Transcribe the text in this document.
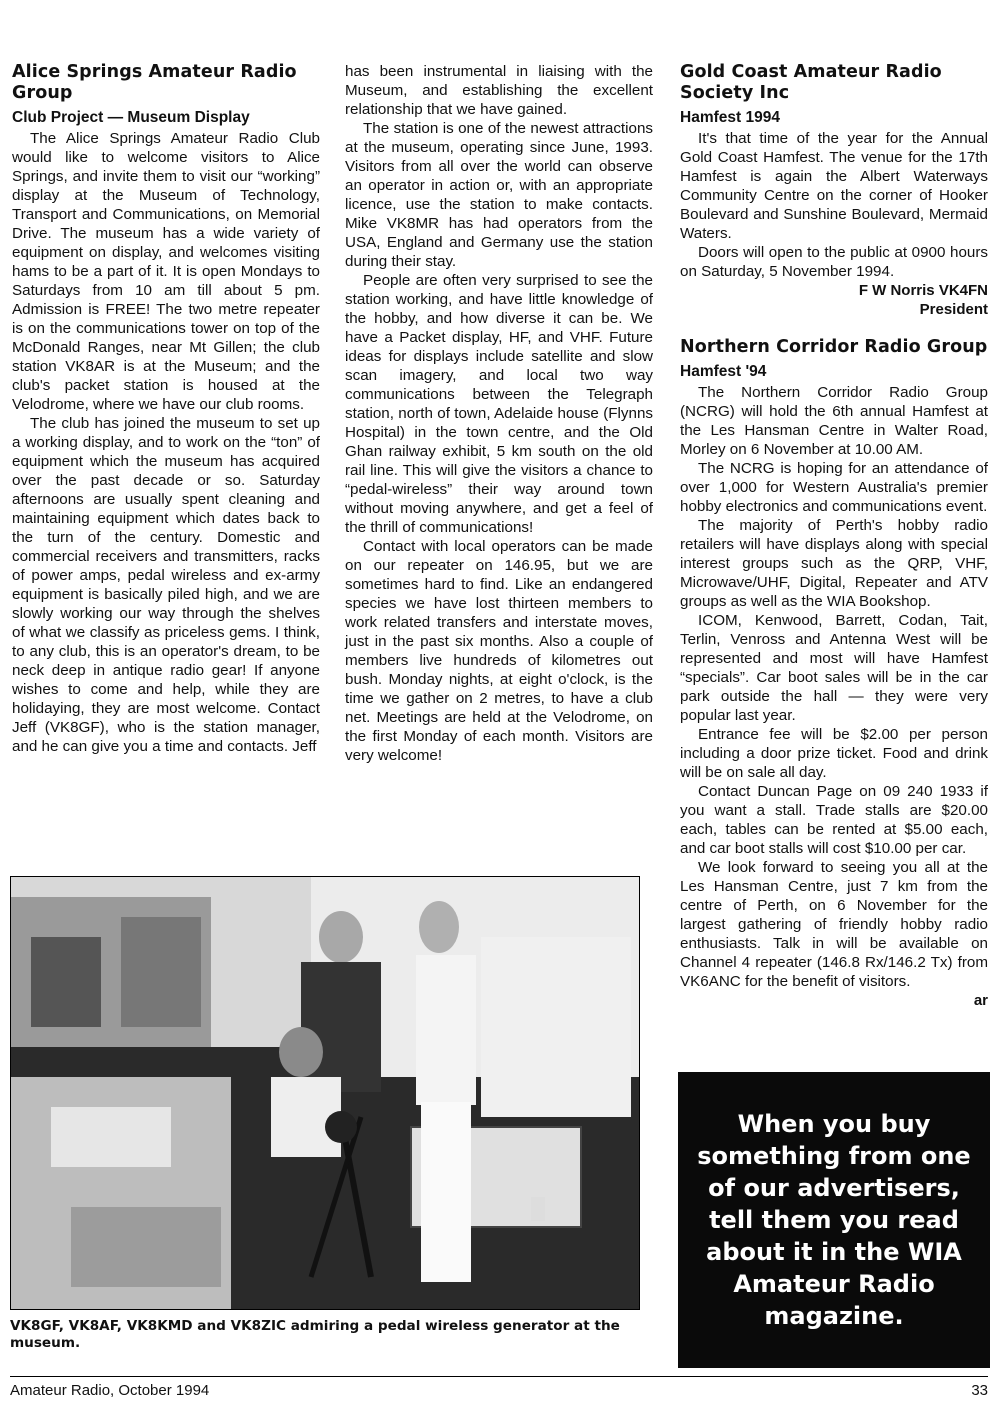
Alice Springs Amateur Radio Group
Club Project — Museum Display

The Alice Springs Amateur Radio Club would like to welcome visitors to Alice Springs, and invite them to visit our “working” display at the Museum of Technology, Transport and Communications, on Memorial Drive. The museum has a wide variety of equipment on display, and welcomes visiting hams to be a part of it. It is open Mondays to Saturdays from 10 am till about 5 pm. Admission is FREE! The two metre repeater is on the communications tower on top of the McDonald Ranges, near Mt Gillen; the club station VK8AR is at the Museum; and the club's packet station is housed at the Velodrome, where we have our club rooms.

The club has joined the museum to set up a working display, and to work on the “ton” of equipment which the museum has acquired over the past decade or so. Saturday afternoons are usually spent cleaning and maintaining equipment which dates back to the turn of the century. Domestic and commercial receivers and transmitters, racks of power amps, pedal wireless and ex-army equipment is basically piled high, and we are slowly working our way through the shelves of what we classify as priceless gems. I think, to any club, this is an operator's dream, to be neck deep in antique radio gear! If anyone wishes to come and help, while they are holidaying, they are most welcome. Contact Jeff (VK8GF), who is the station manager, and he can give you a time and contacts. Jeff

has been instrumental in liaising with the Museum, and establishing the excellent relationship that we have gained.

The station is one of the newest attractions at the museum, operating since June, 1993. Visitors from all over the world can observe an operator in action or, with an appropriate licence, use the station to make contacts. Mike VK8MR has had operators from the USA, England and Germany use the station during their stay.

People are often very surprised to see the station working, and have little knowledge of the hobby, and how diverse it can be. We have a Packet display, HF, and VHF. Future ideas for displays include satellite and slow scan imagery, and local two way communications between the Telegraph station, north of town, Adelaide house (Flynns Hospital) in the town centre, and the Old Ghan railway exhibit, 5 km south on the old rail line. This will give the visitors a chance to “pedal-wireless” their way around town without moving anywhere, and get a feel of the thrill of communications!

Contact with local operators can be made on our repeater on 146.95, but we are sometimes hard to find. Like an endangered species we have lost thirteen members to work related transfers and interstate moves, just in the past six months. Also a couple of members live hundreds of kilometres out bush. Monday nights, at eight o'clock, is the time we gather on 2 metres, to have a club net. Meetings are held at the Velodrome, on the first Monday of each month. Visitors are very welcome!

Gold Coast Amateur Radio Society Inc
Hamfest 1994

It's that time of the year for the Annual Gold Coast Hamfest. The venue for the 17th Hamfest is again the Albert Waterways Community Centre on the corner of Hooker Boulevard and Sunshine Boulevard, Mermaid Waters.

Doors will open to the public at 0900 hours on Saturday, 5 November 1994.

F W Norris VK4FN
President
Northern Corridor Radio Group
Hamfest '94

The Northern Corridor Radio Group (NCRG) will hold the 6th annual Hamfest at the Les Hansman Centre in Walter Road, Morley on 6 November at 10.00 AM.

The NCRG is hoping for an attendance of over 1,000 for Western Australia's premier hobby electronics and communications event.

The majority of Perth's hobby radio retailers will have displays along with special interest groups such as the QRP, VHF, Microwave/UHF, Digital, Repeater and ATV groups as well as the WIA Bookshop.

ICOM, Kenwood, Barrett, Codan, Tait, Terlin, Venross and Antenna West will be represented and most will have Hamfest “specials”. Car boot sales will be in the car park outside the hall — they were very popular last year.

Entrance fee will be $2.00 per person including a door prize ticket. Food and drink will be on sale all day.

Contact Duncan Page on 09 240 1933 if you want a stall. Trade stalls are $20.00 each, tables can be rented at $5.00 each, and car boot stalls will cost $10.00 per car.

We look forward to seeing you all at the Les Hansman Centre, just 7 km from the centre of Perth, on 6 November for the largest gathering of friendly hobby radio enthusiasts. Talk in will be available on Channel 4 repeater (146.8 Rx/146.2 Tx) from VK6ANC for the benefit of visitors.

ar
VK8GF, VK8AF, VK8KMD and VK8ZIC admiring a pedal wireless generator at the museum.
When you buy something from one of our advertisers, tell them you read about it in the WIA Amateur Radio magazine.
Amateur Radio, October 1994	33
